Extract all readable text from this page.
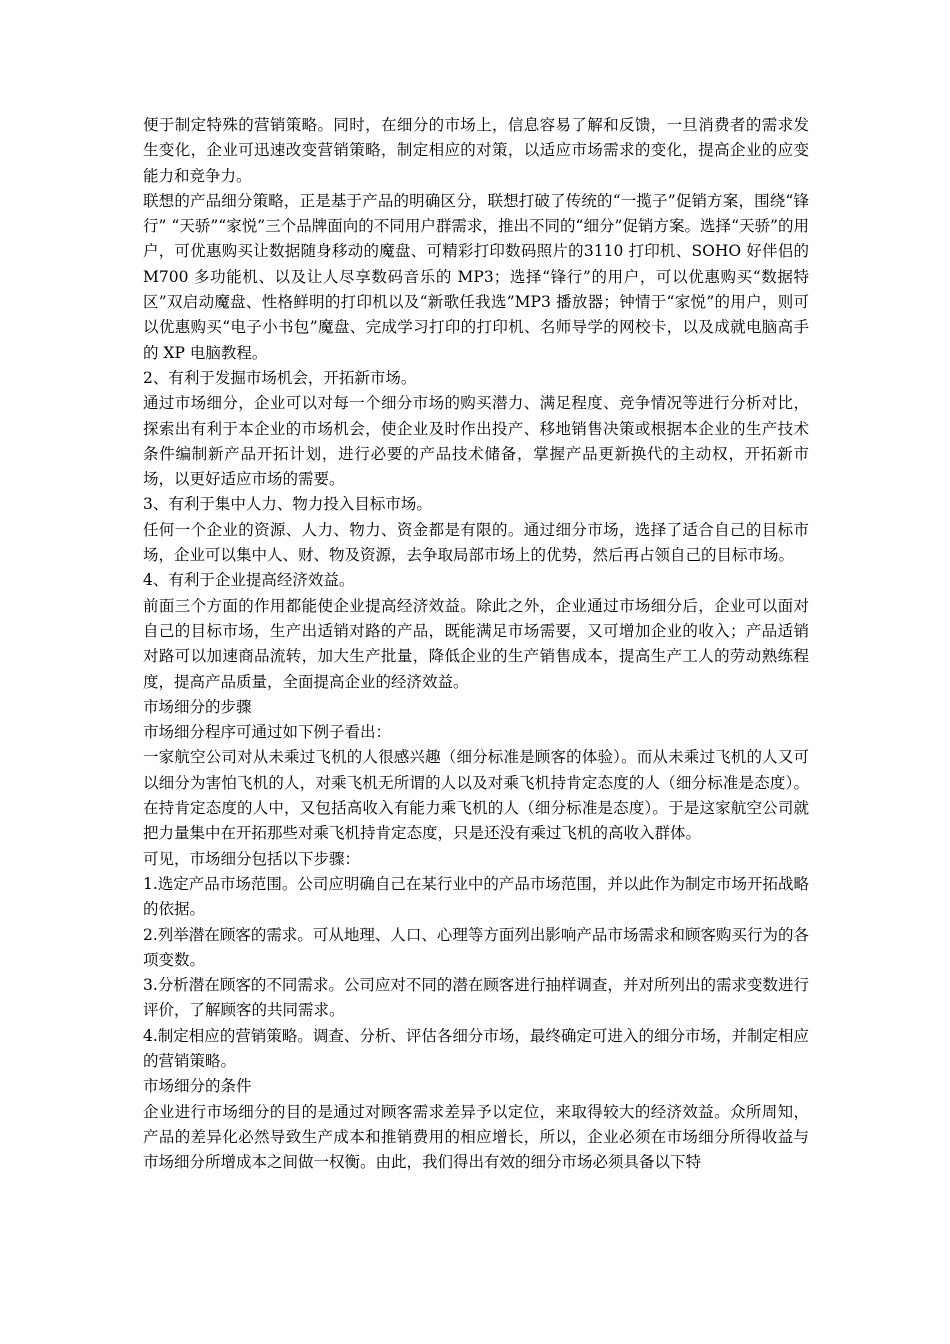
便于制定特殊的营销策略。同时，在细分的市场上，信息容易了解和反馈，一旦消费者的需求发生变化，企业可迅速改变营销策略，制定相应的对策，以适应市场需求的变化，提高企业的应变能力和竞争力。

联想的产品细分策略，正是基于产品的明确区分，联想打破了传统的“一揽子”促销方案，围绕“锋行” “天骄”“家悦”三个品牌面向的不同用户群需求，推出不同的“细分”促销方案。选择“天骄”的用户，可优惠购买让数据随身移动的魔盘、可精彩打印数码照片的3110 打印机、SOHO 好伴侣的 M700 多功能机、以及让人尽享数码音乐的 MP3；选择“锋行”的用户，可以优惠购买“数据特区”双启动魔盘、性格鲜明的打印机以及“新歌任我选”MP3 播放器；钟情于“家悦”的用户，则可以优惠购买“电子小书包”魔盘、完成学习打印的打印机、名师导学的网校卡，以及成就电脑高手的 XP 电脑教程。

2、有利于发掘市场机会，开拓新市场。

通过市场细分，企业可以对每一个细分市场的购买潜力、满足程度、竞争情况等进行分析对比，探索出有利于本企业的市场机会，使企业及时作出投产、移地销售决策或根据本企业的生产技术条件编制新产品开拓计划，进行必要的产品技术储备，掌握产品更新换代的主动权，开拓新市场，以更好适应市场的需要。

3、有利于集中人力、物力投入目标市场。

任何一个企业的资源、人力、物力、资金都是有限的。通过细分市场，选择了适合自己的目标市场，企业可以集中人、财、物及资源，去争取局部市场上的优势，然后再占领自己的目标市场。

4、有利于企业提高经济效益。

前面三个方面的作用都能使企业提高经济效益。除此之外，企业通过市场细分后，企业可以面对自己的目标市场，生产出适销对路的产品，既能满足市场需要，又可增加企业的收入；产品适销对路可以加速商品流转，加大生产批量，降低企业的生产销售成本，提高生产工人的劳动熟练程度，提高产品质量，全面提高企业的经济效益。

市场细分的步骤

市场细分程序可通过如下例子看出：

一家航空公司对从未乘过飞机的人很感兴趣（细分标准是顾客的体验）。而从未乘过飞机的人又可以细分为害怕飞机的人，对乘飞机无所谓的人以及对乘飞机持肯定态度的人（细分标准是态度）。在持肯定态度的人中，又包括高收入有能力乘飞机的人（细分标准是态度）。于是这家航空公司就把力量集中在开拓那些对乘飞机持肯定态度，只是还没有乘过飞机的高收入群体。

可见，市场细分包括以下步骤：

1.选定产品市场范围。公司应明确自己在某行业中的产品市场范围，并以此作为制定市场开拓战略的依据。

2.列举潜在顾客的需求。可从地理、人口、心理等方面列出影响产品市场需求和顾客购买行为的各项变数。

3.分析潜在顾客的不同需求。公司应对不同的潜在顾客进行抽样调查，并对所列出的需求变数进行评价，了解顾客的共同需求。

4.制定相应的营销策略。调查、分析、评估各细分市场，最终确定可进入的细分市场，并制定相应的营销策略。

市场细分的条件

企业进行市场细分的目的是通过对顾客需求差异予以定位，来取得较大的经济效益。众所周知，产品的差异化必然导致生产成本和推销费用的相应增长，所以，企业必须在市场细分所得收益与市场细分所增成本之间做一权衡。由此，我们得出有效的细分市场必须具备以下特
